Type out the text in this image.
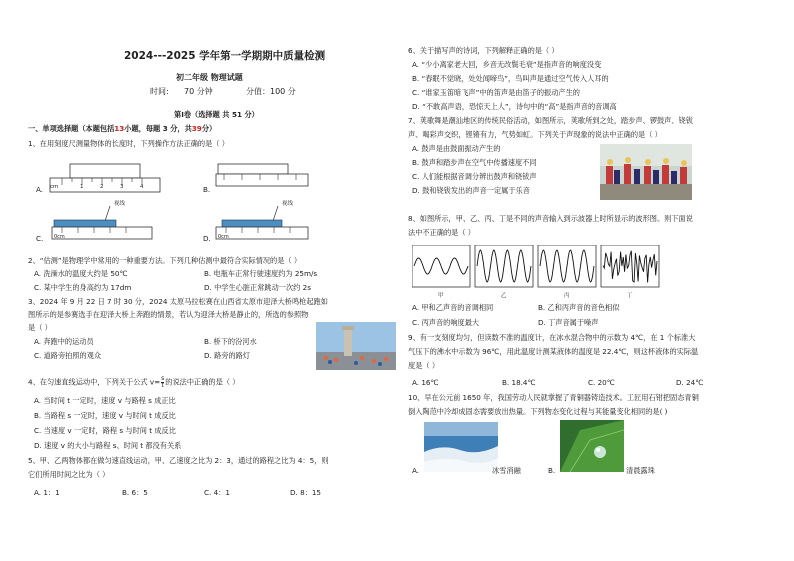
2024---2025 学年第一学期期中质量检测
初二年级 物理试题
时间: 70 分钟	分值：100 分
第Ⅰ卷（选择题 共 51 分）
一、单项选择题（本题包括13小题，每题 3 分，共39分）
1、在用刻度尺测量物体的长度时，下列操作方法正确的是（ ）
A. cm	1	2	3	4	B.
C.
视线
0cm	D.
视线
0cm
2、“估测”是物理学中常用的一种重要方法。下列几种估测中最符合实际情况的是（ ）
A. 洗澡水的温度大约是 50℃	B. 电瓶车正常行驶速度约为 25m/s
C. 某中学生的身高约为 17dm	D. 中学生心脏正常跳动一次约 2s
3、2024 年 9 月 22 日 7 时 30 分，2024 太原马拉松赛在山西省太原市迎泽大桥鸣枪起跑如
图所示的是参赛选手在迎泽大桥上奔跑的情景，若认为迎泽大桥是静止的，所选的参照物
是（ ）
A. 奔跑中的运动员	B. 桥下的汾河水
C. 道路旁拍照的观众	D. 路旁的路灯
4、在匀速直线运动中，下列关于公式 $v= \frac{s}{t}$ 的说法中正确的是（ ）
A. 当时间 t 一定时，速度 v 与路程 s 成正比
B. 当路程 s 一定时，速度 v 与时间 t 成反比
C. 当速度 v 一定时，路程 s 与时间 t 成反比
D. 速度 v 的大小与路程 s、时间 t 都没有关系
5、甲、乙两物体都在做匀速直线运动，甲、乙速度之比为 2：3，通过的路程之比为 4：5，则
它们所用时间之比为（ ）
A. 1：1	B. 6：5	C. 4：1	D. 8：15
6、关于描写声的诗词，下列解释正确的是（ ）
A. “少小离家老大回，乡音无改鬓毛衰”是指声音的响度没变
B. “春眠不觉晓，处处闻啼鸟”，鸟叫声是通过空气传入人耳的
C. “谁家玉笛暗飞声”中的笛声是由笛子的振动产生的
D. “不敢高声语，恐惊天上人”，诗句中的“高”是指声音的音调高
7、荚歌舞是潮汕地区的传统民俗活动，如图所示，荚歌所到之处，踏步声、锣鼓声、铙钹
声、喝彩声交织，铿锵有力，气势如虹。下列关于声现象的说法中正确的是（ ）
A. 鼓声是由鼓面振动产生的
B. 鼓声和踏步声在空气中传播速度不同
C. 人们能根据音调分辨出鼓声和铙钹声
D. 鼓和铙钹发出的声音一定属于乐音
8、如图所示，甲、乙、丙、丁是不同的声音输入到示波器上时所显示的波形图。则下面说
法中不正确的是（ ）
甲	乙	丙	丁
A. 甲和乙声音的音调相同	B. 乙和丙声音的音色相似
C. 丙声音的响度最大	D. 丁声音属于噪声
9、有一支刻度均匀，但读数不准的温度计，在冰水混合物中的示数为 4℃，在 1 个标准大
气压下的沸水中示数为 96℃，用此温度计测某液体的温度是 22.4℃，则这杯液体的实际温
度是（ ）
A. 16℃	B. 18.4℃	C. 20℃	D. 24℃
10、早在公元前 1650 年，我国劳动人民就掌握了青铜器铸造技术。工匠用石钳把固态青铜
倒入陶范中冷却成固态需要放出热量。下列物态变化过程与其能量变化相同的是( )
A.	冰雪消融	B.	清晨露珠
